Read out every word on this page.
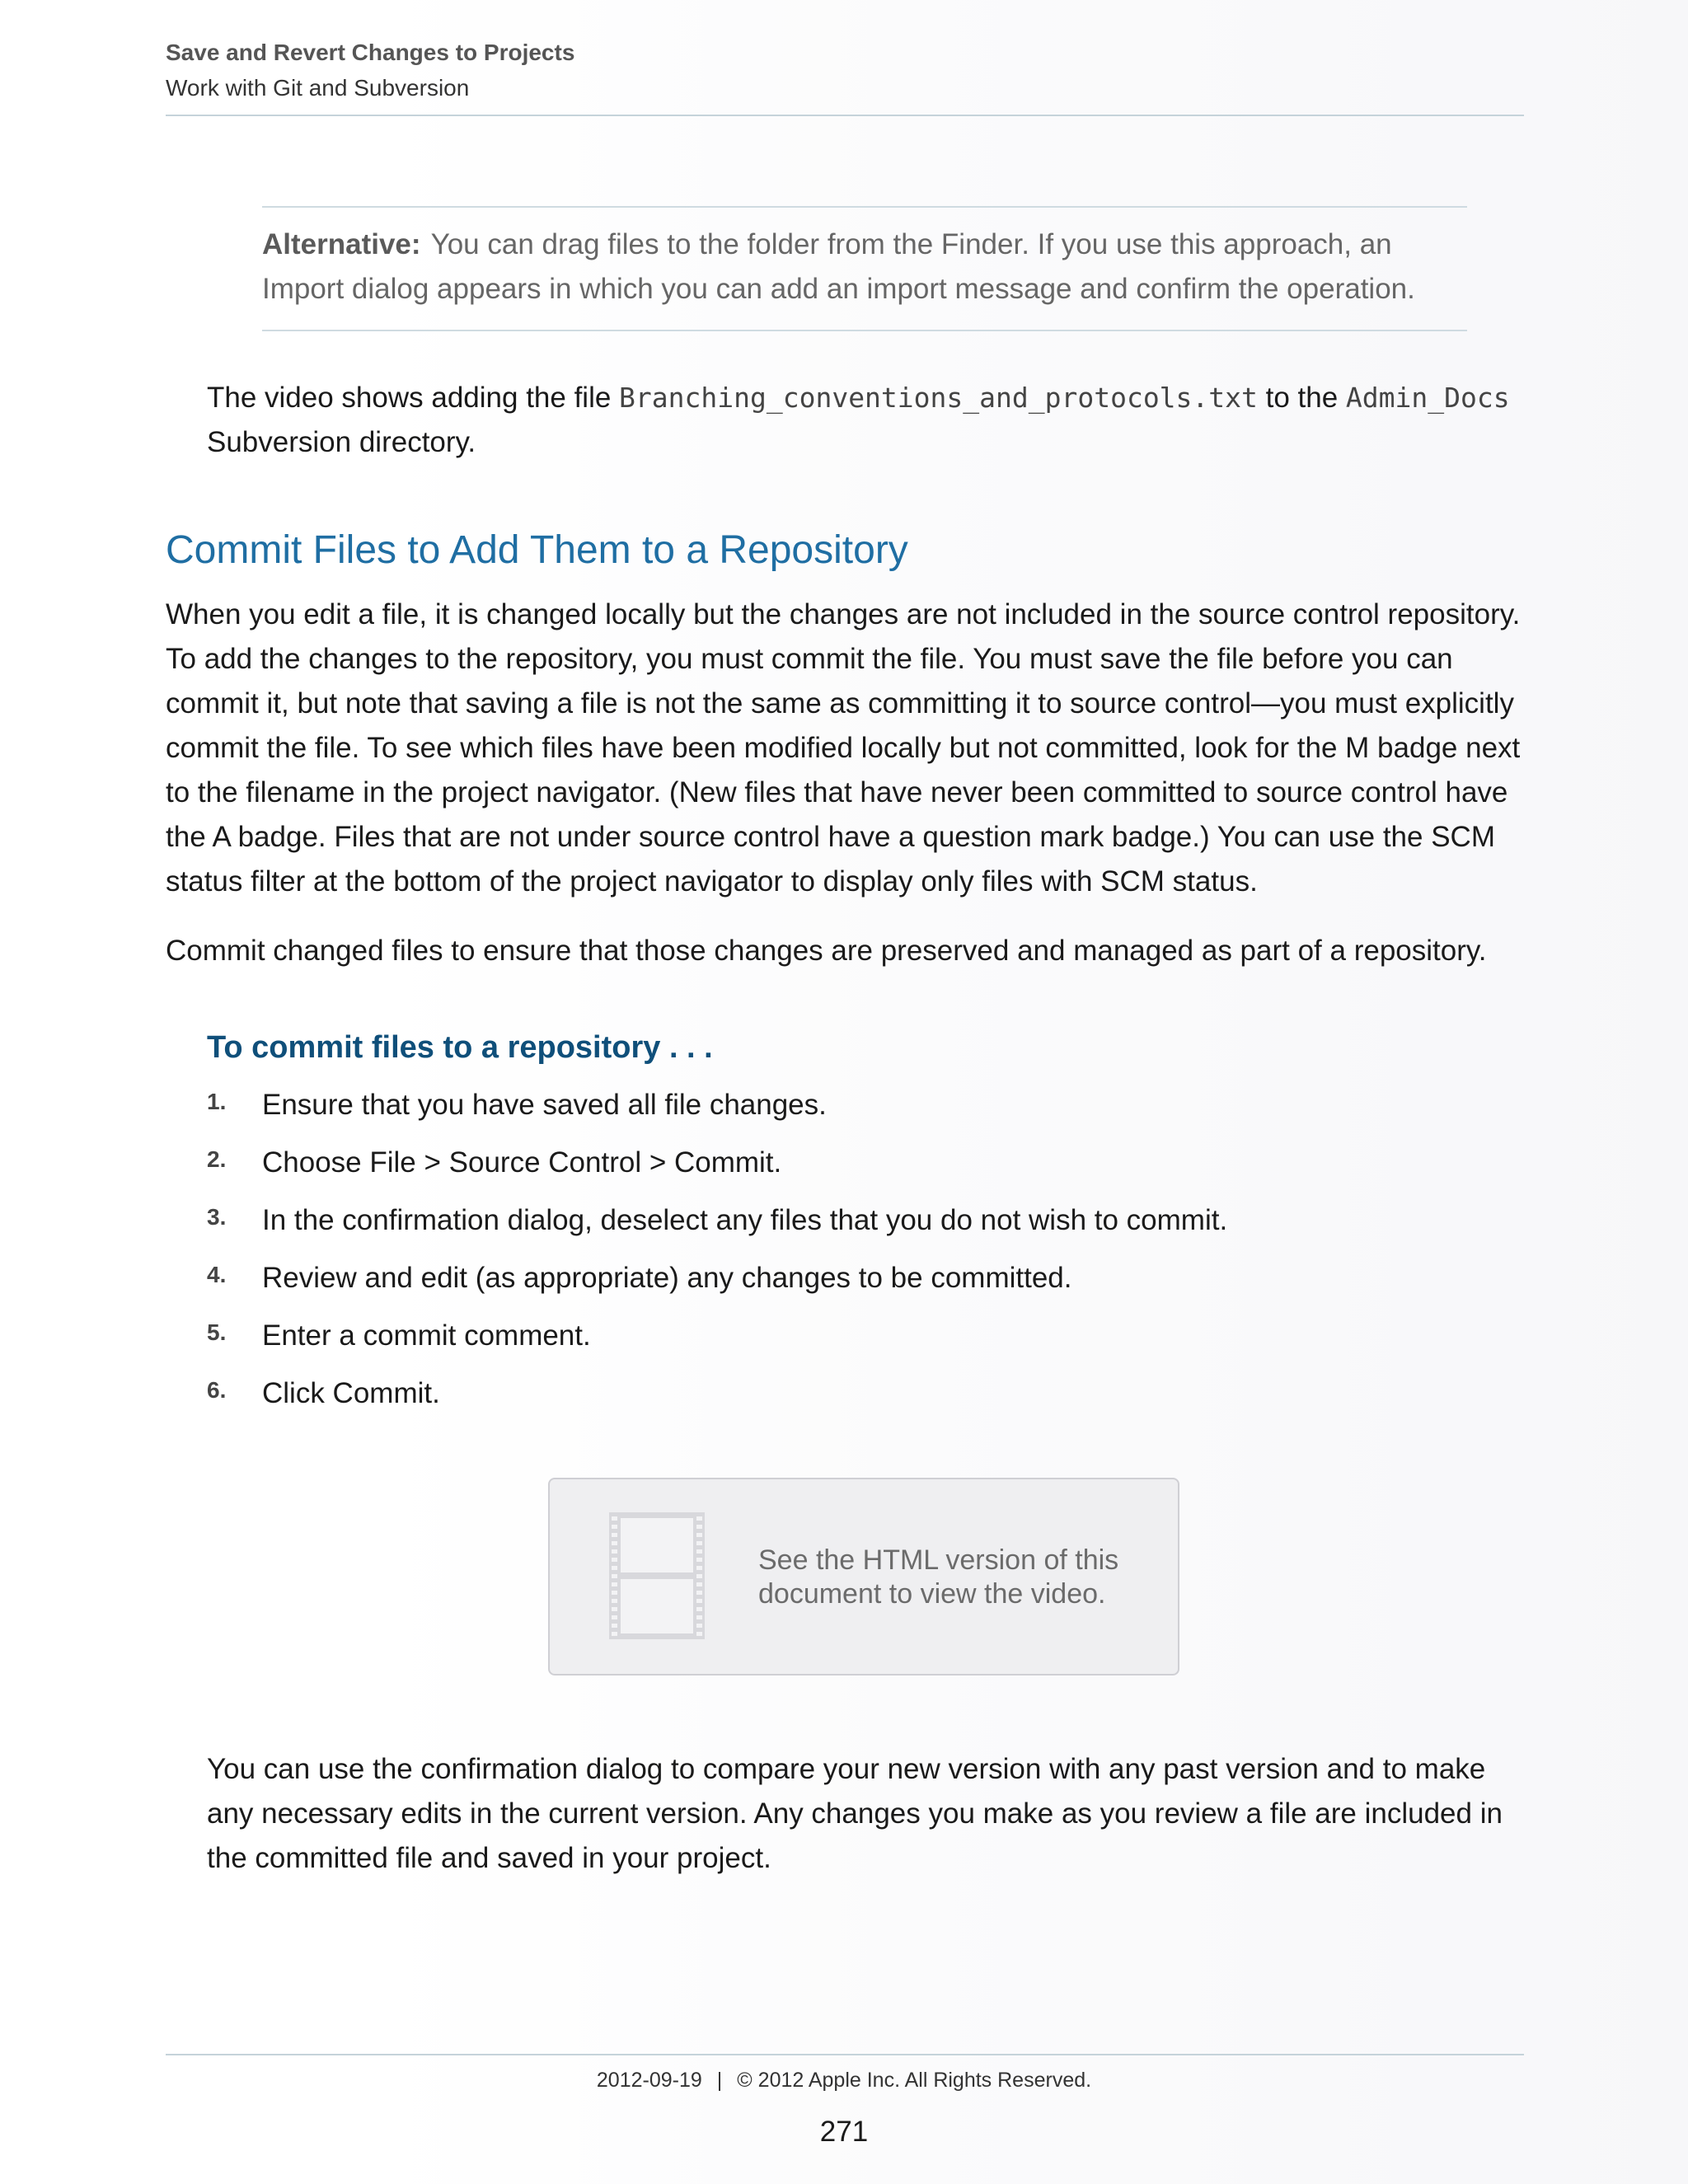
Save and Revert Changes to Projects
Work with Git and Subversion
Alternative: You can drag files to the folder from the Finder. If you use this approach, an Import dialog appears in which you can add an import message and confirm the operation.
The video shows adding the file Branching_conventions_and_protocols.txt to the Admin_Docs
Subversion directory.
Commit Files to Add Them to a Repository
When you edit a file, it is changed locally but the changes are not included in the source control repository. To add the changes to the repository, you must commit the file. You must save the file before you can commit it, but note that saving a file is not the same as committing it to source control—you must explicitly commit the file. To see which files have been modified locally but not committed, look for the M badge next to the filename in the project navigator. (New files that have never been committed to source control have the A badge. Files that are not under source control have a question mark badge.) You can use the SCM status filter at the bottom of the project navigator to display only files with SCM status.
Commit changed files to ensure that those changes are preserved and managed as part of a repository.
To commit files to a repository . . .
1. Ensure that you have saved all file changes.
2. Choose File > Source Control > Commit.
3. In the confirmation dialog, deselect any files that you do not wish to commit.
4. Review and edit (as appropriate) any changes to be committed.
5. Enter a commit comment.
6. Click Commit.
See the HTML version of this document to view the video.
You can use the confirmation dialog to compare your new version with any past version and to make any necessary edits in the current version. Any changes you make as you review a file are included in the committed file and saved in your project.
2012-09-19 | © 2012 Apple Inc. All Rights Reserved.
271
